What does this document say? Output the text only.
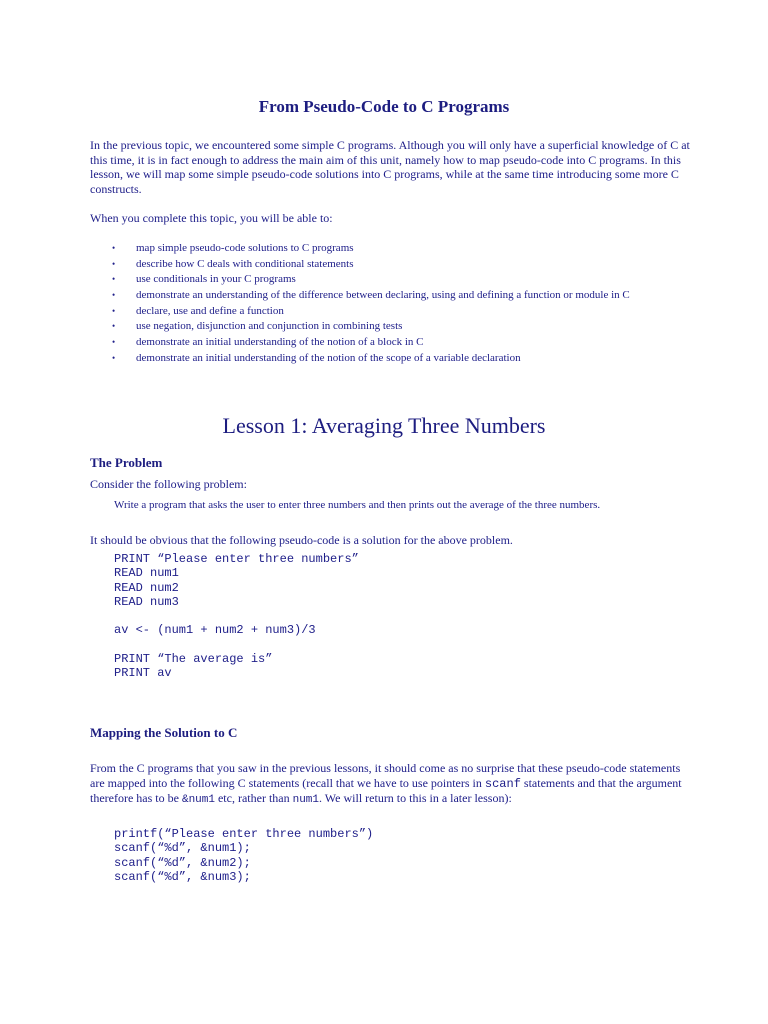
From Pseudo-Code to C Programs

In the previous topic, we encountered some simple C programs. Although you will only have a superficial knowledge of C at this time, it is in fact enough to address the main aim of this unit, namely how to map pseudo-code into C programs. In this lesson, we will map some simple pseudo-code solutions into C programs, while at the same time introducing some more C constructs.

When you complete this topic, you will be able to:

• map simple pseudo-code solutions to C programs
• describe how C deals with conditional statements
• use conditionals in your C programs
• demonstrate an understanding of the difference between declaring, using and defining a function or module in C
• declare, use and define a function
• use negation, disjunction and conjunction in combining tests
• demonstrate an initial understanding of the notion of a block in C
• demonstrate an initial understanding of the notion of the scope of a variable declaration
Lesson 1: Averaging Three Numbers
The Problem

Consider the following problem:

Write a program that asks the user to enter three numbers and then prints out the average of the three numbers.

It should be obvious that the following pseudo-code is a solution for the above problem.

PRINT “Please enter three numbers”
READ num1
READ num2
READ num3

av <- (num1 + num2 + num3)/3

PRINT “The average is”
PRINT av
Mapping the Solution to C

From the C programs that you saw in the previous lessons, it should come as no surprise that these pseudo-code statements are mapped into the following C statements (recall that we have to use pointers in scanf statements and that the argument therefore has to be &num1 etc, rather than num1. We will return to this in a later lesson):

printf(“Please enter three numbers”)
scanf(“%d”, &num1);
scanf(“%d”, &num2);
scanf(“%d”, &num3);
